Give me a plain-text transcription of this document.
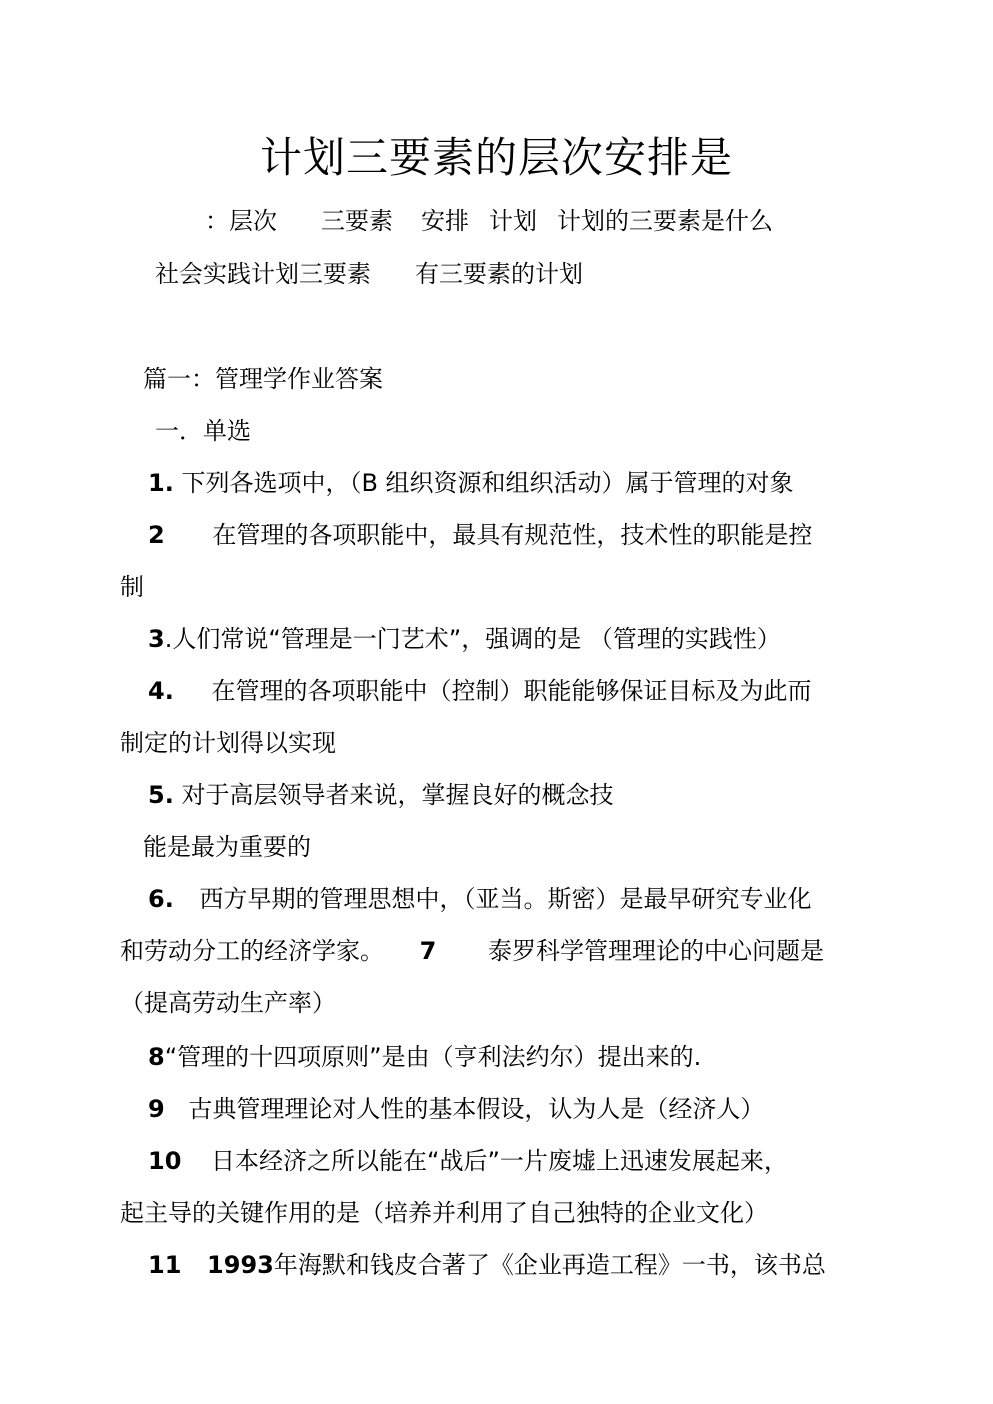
计划三要素的层次安排是
：层次 三要素 安排 计划 计划的三要素是什么
社会实践计划三要素 有三要素的计划
篇一：管理学作业答案
一．单选
1. 下列各选项中，（B 组织资源和组织活动）属于管理的对象
2 在管理的各项职能中，最具有规范性，技术性的职能是控
制
3.人们常说“管理是一门艺术”，强调的是 （管理的实践性）
4. 在管理的各项职能中（控制）职能能够保证目标及为此而
制定的计划得以实现
5. 对于高层领导者来说，掌握良好的概念技
能是最为重要的
6. 西方早期的管理思想中，（亚当。斯密）是最早研究专业化
和劳动分工的经济学家。 7 泰罗科学管理理论的中心问题是
（提高劳动生产率）
8“管理的十四项原则”是由（亨利法约尔）提出来的.
9 古典管理理论对人性的基本假设，认为人是（经济人）
10 日本经济之所以能在“战后”一片废墟上迅速发展起来，
起主导的关键作用的是（培养并利用了自己独特的企业文化）
11 1993年海默和钱皮合著了《企业再造工程》一书，该书总
